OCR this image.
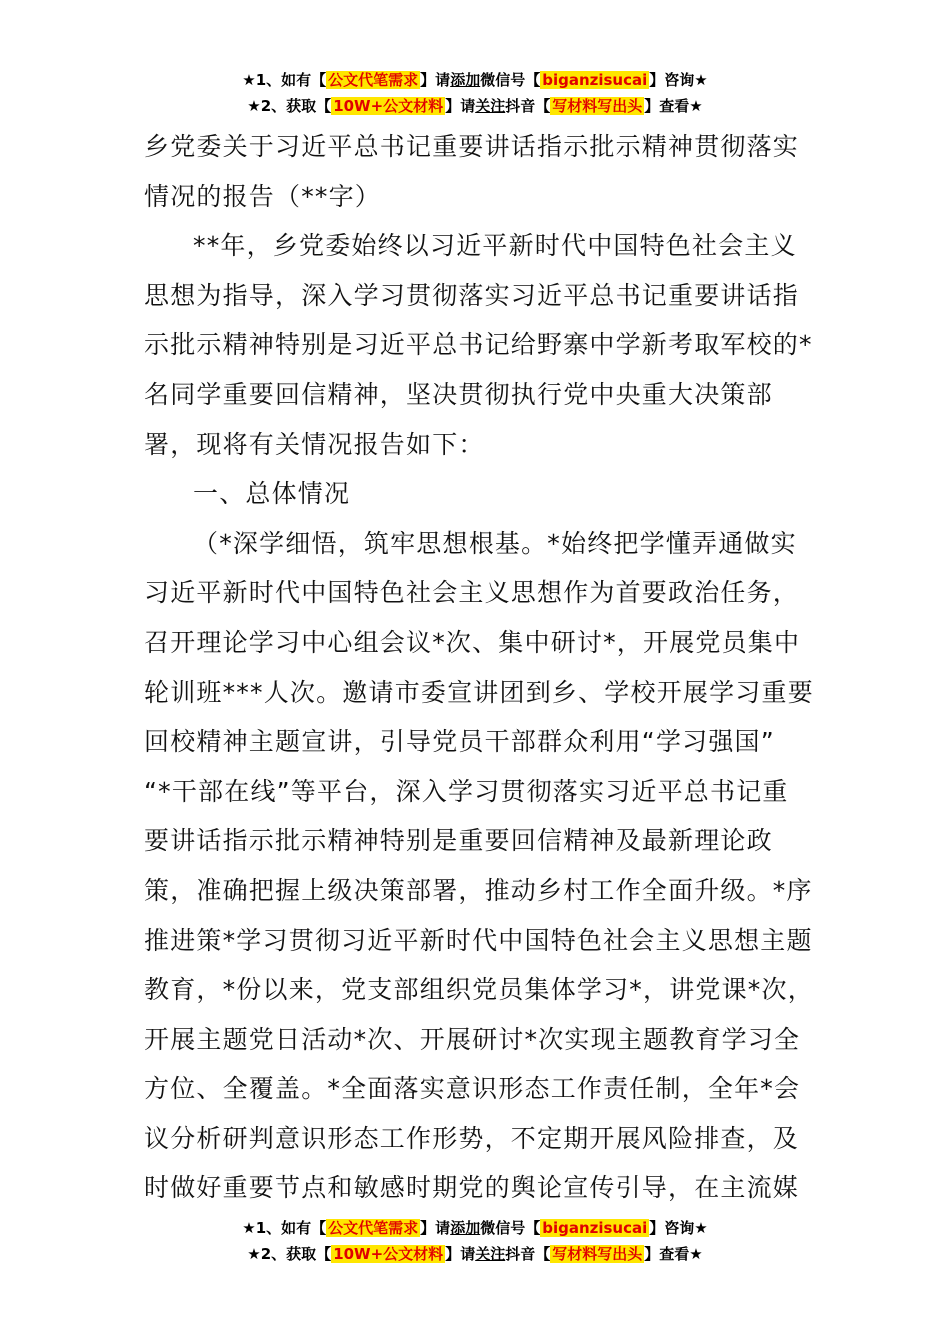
★1、如有【 公文代笔需求 】请添加微信号【 biganzisucai 】咨询★
★2、获取【 10W+公文材料 】请关注抖音【 写材料写出头 】查看★
乡党委关于习近平总书记重要讲话指示批示精神贯彻落实
情况的报告（**字）
**年，乡党委始终以习近平新时代中国特色社会主义
思想为指导，深入学习贯彻落实习近平总书记重要讲话指
示批示精神特别是习近平总书记给野寨中学新考取军校的*
名同学重要回信精神，坚决贯彻执行党中央重大决策部
署，现将有关情况报告如下：
一、总体情况
（*深学细悟，筑牢思想根基。*始终把学懂弄通做实
习近平新时代中国特色社会主义思想作为首要政治任务，
召开理论学习中心组会议*次、集中研讨*，开展党员集中
轮训班***人次。邀请市委宣讲团到乡、学校开展学习重要
回校精神主题宣讲，引导党员干部群众利用“学习强国”
“*干部在线”等平台，深入学习贯彻落实习近平总书记重
要讲话指示批示精神特别是重要回信精神及最新理论政
策，准确把握上级决策部署，推动乡村工作全面升级。*序
推进策*学习贯彻习近平新时代中国特色社会主义思想主题
教育，*份以来，党支部组织党员集体学习*，讲党课*次，
开展主题党日活动*次、开展研讨*次实现主题教育学习全
方位、全覆盖。*全面落实意识形态工作责任制，全年*会
议分析研判意识形态工作形势，不定期开展风险排查，及
时做好重要节点和敏感时期党的舆论宣传引导，在主流媒
★1、如有【 公文代笔需求 】请添加微信号【 biganzisucai 】咨询★
★2、获取【 10W+公文材料 】请关注抖音【 写材料写出头 】查看★
